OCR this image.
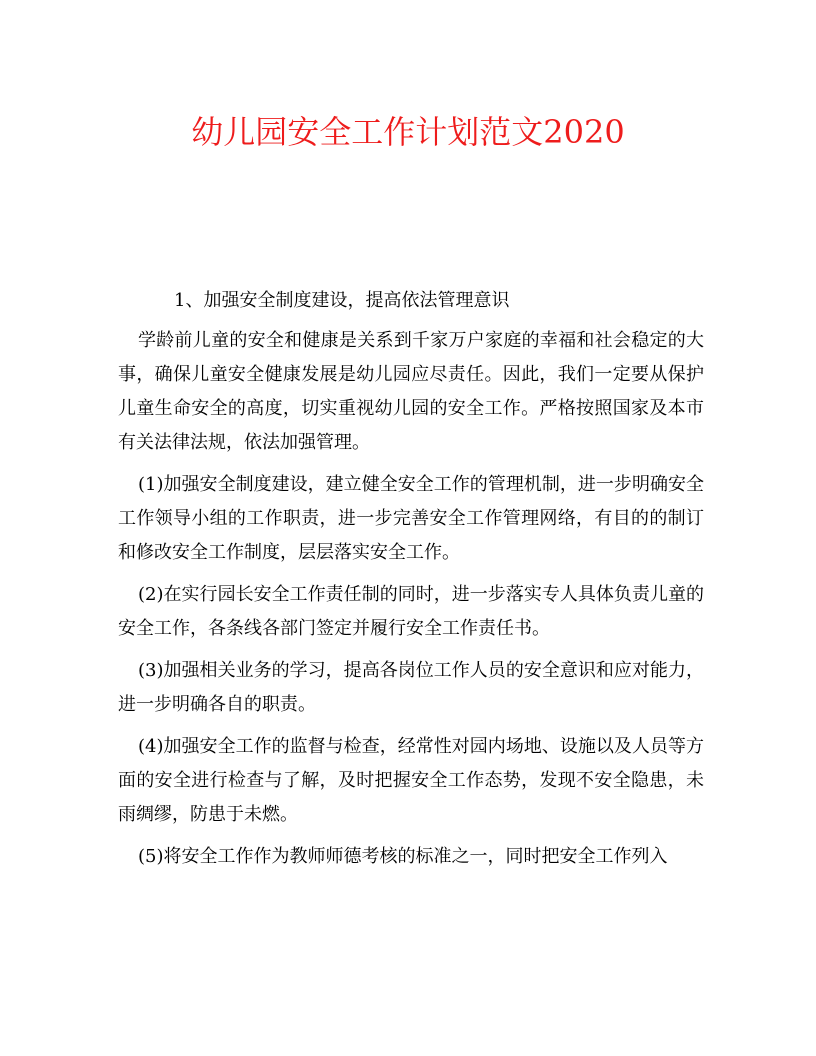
幼儿园安全工作计划范文2020

1、加强安全制度建设，提高依法管理意识

学龄前儿童的安全和健康是关系到千家万户家庭的幸福和社会稳定的大事，确保儿童安全健康发展是幼儿园应尽责任。因此，我们一定要从保护儿童生命安全的高度，切实重视幼儿园的安全工作。严格按照国家及本市有关法律法规，依法加强管理。

(1)加强安全制度建设，建立健全安全工作的管理机制，进一步明确安全工作领导小组的工作职责，进一步完善安全工作管理网络，有目的的制订和修改安全工作制度，层层落实安全工作。

(2)在实行园长安全工作责任制的同时，进一步落实专人具体负责儿童的安全工作，各条线各部门签定并履行安全工作责任书。

(3)加强相关业务的学习，提高各岗位工作人员的安全意识和应对能力，进一步明确各自的职责。

(4)加强安全工作的监督与检查，经常性对园内场地、设施以及人员等方面的安全进行检查与了解，及时把握安全工作态势，发现不安全隐患，未雨绸缪，防患于未燃。

(5)将安全工作作为教师师德考核的标准之一，同时把安全工作列入
